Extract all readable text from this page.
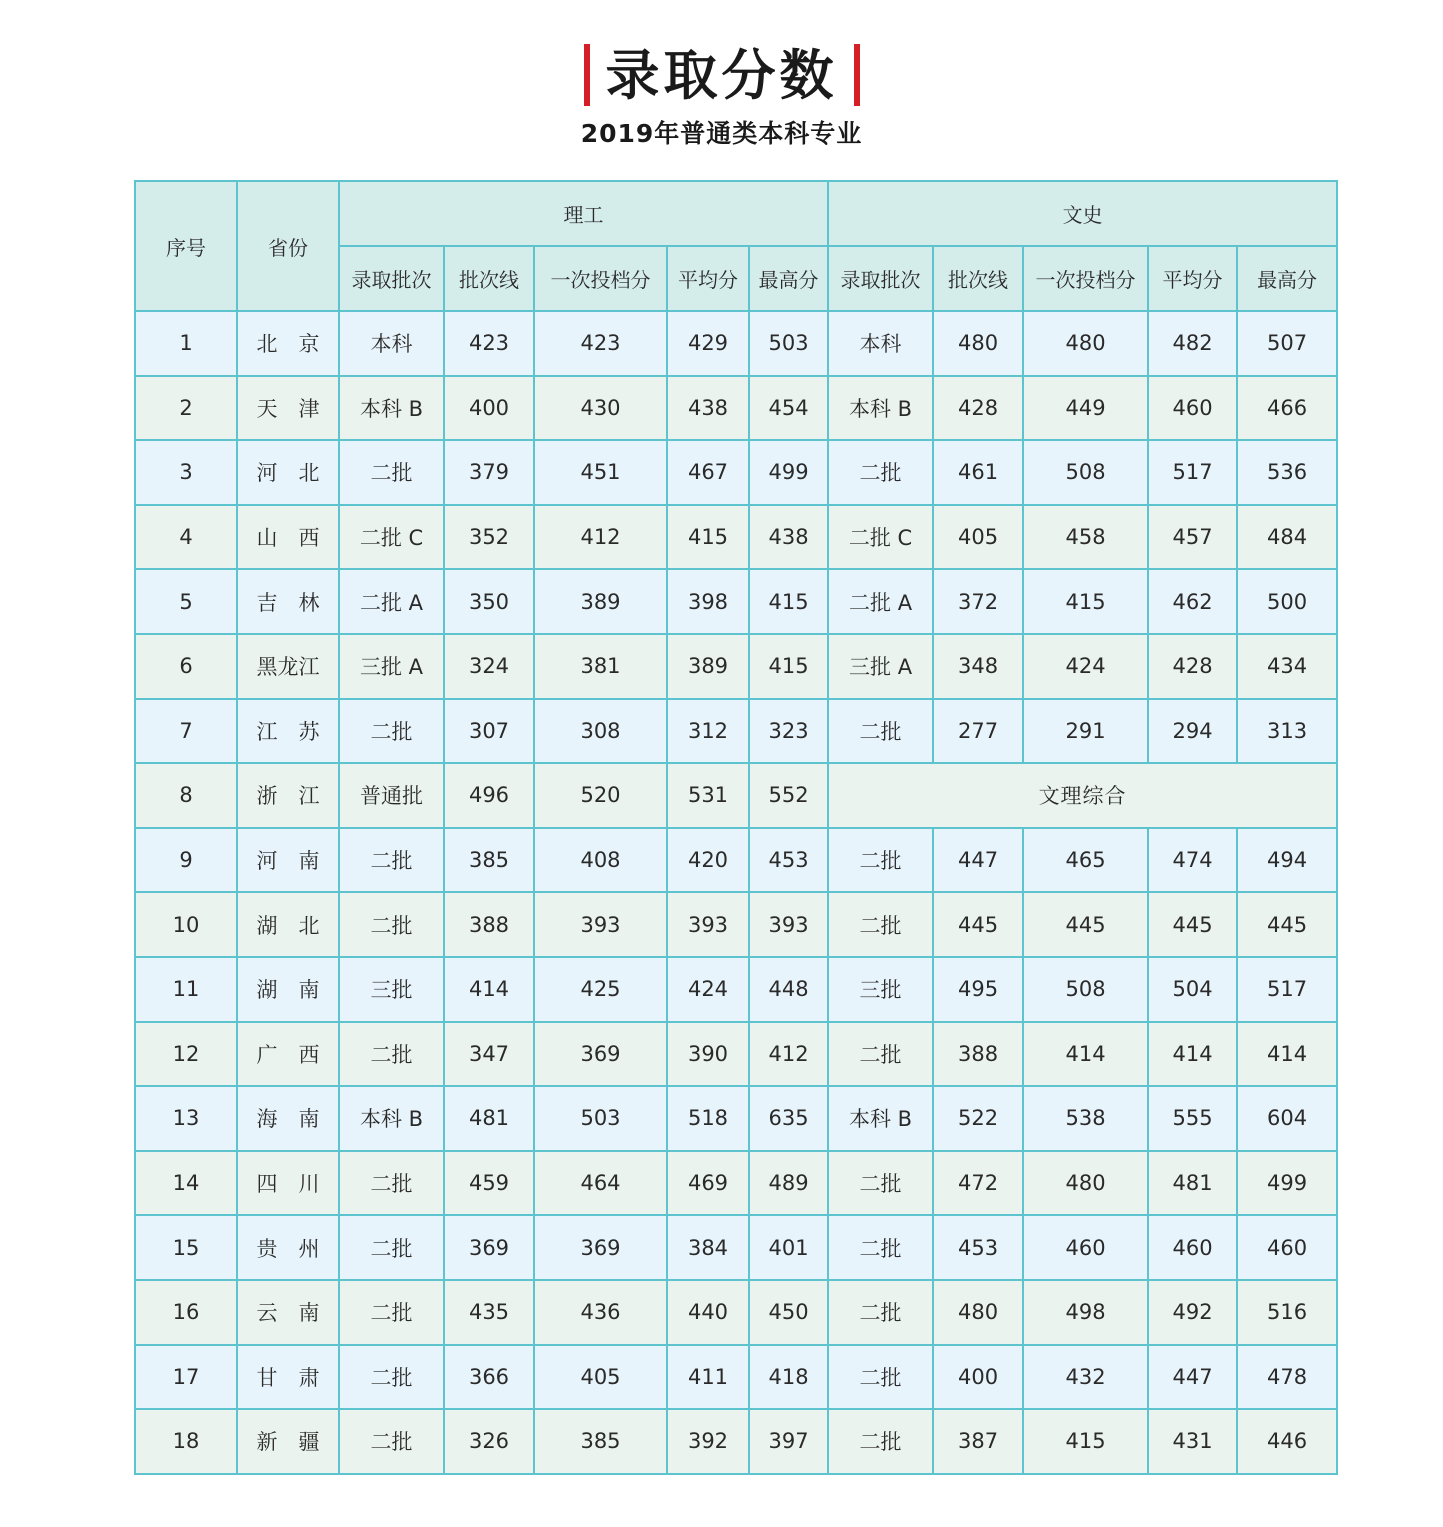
录取分数
2019年普通类本科专业
序号	省份	理工					文史				
		录取批次	批次线	一次投档分	平均分	最高分	录取批次	批次线	一次投档分	平均分	最高分
1	北　京	本科	423	423	429	503	本科	480	480	482	507
2	天　津	本科 B	400	430	438	454	本科 B	428	449	460	466
3	河　北	二批	379	451	467	499	二批	461	508	517	536
4	山　西	二批 C	352	412	415	438	二批 C	405	458	457	484
5	吉　林	二批 A	350	389	398	415	二批 A	372	415	462	500
6	黑龙江	三批 A	324	381	389	415	三批 A	348	424	428	434
7	江　苏	二批	307	308	312	323	二批	277	291	294	313
8	浙　江	普通批	496	520	531	552	文理综合				
9	河　南	二批	385	408	420	453	二批	447	465	474	494
10	湖　北	二批	388	393	393	393	二批	445	445	445	445
11	湖　南	三批	414	425	424	448	三批	495	508	504	517
12	广　西	二批	347	369	390	412	二批	388	414	414	414
13	海　南	本科 B	481	503	518	635	本科 B	522	538	555	604
14	四　川	二批	459	464	469	489	二批	472	480	481	499
15	贵　州	二批	369	369	384	401	二批	453	460	460	460
16	云　南	二批	435	436	440	450	二批	480	498	492	516
17	甘　肃	二批	366	405	411	418	二批	400	432	447	478
18	新　疆	二批	326	385	392	397	二批	387	415	431	446
